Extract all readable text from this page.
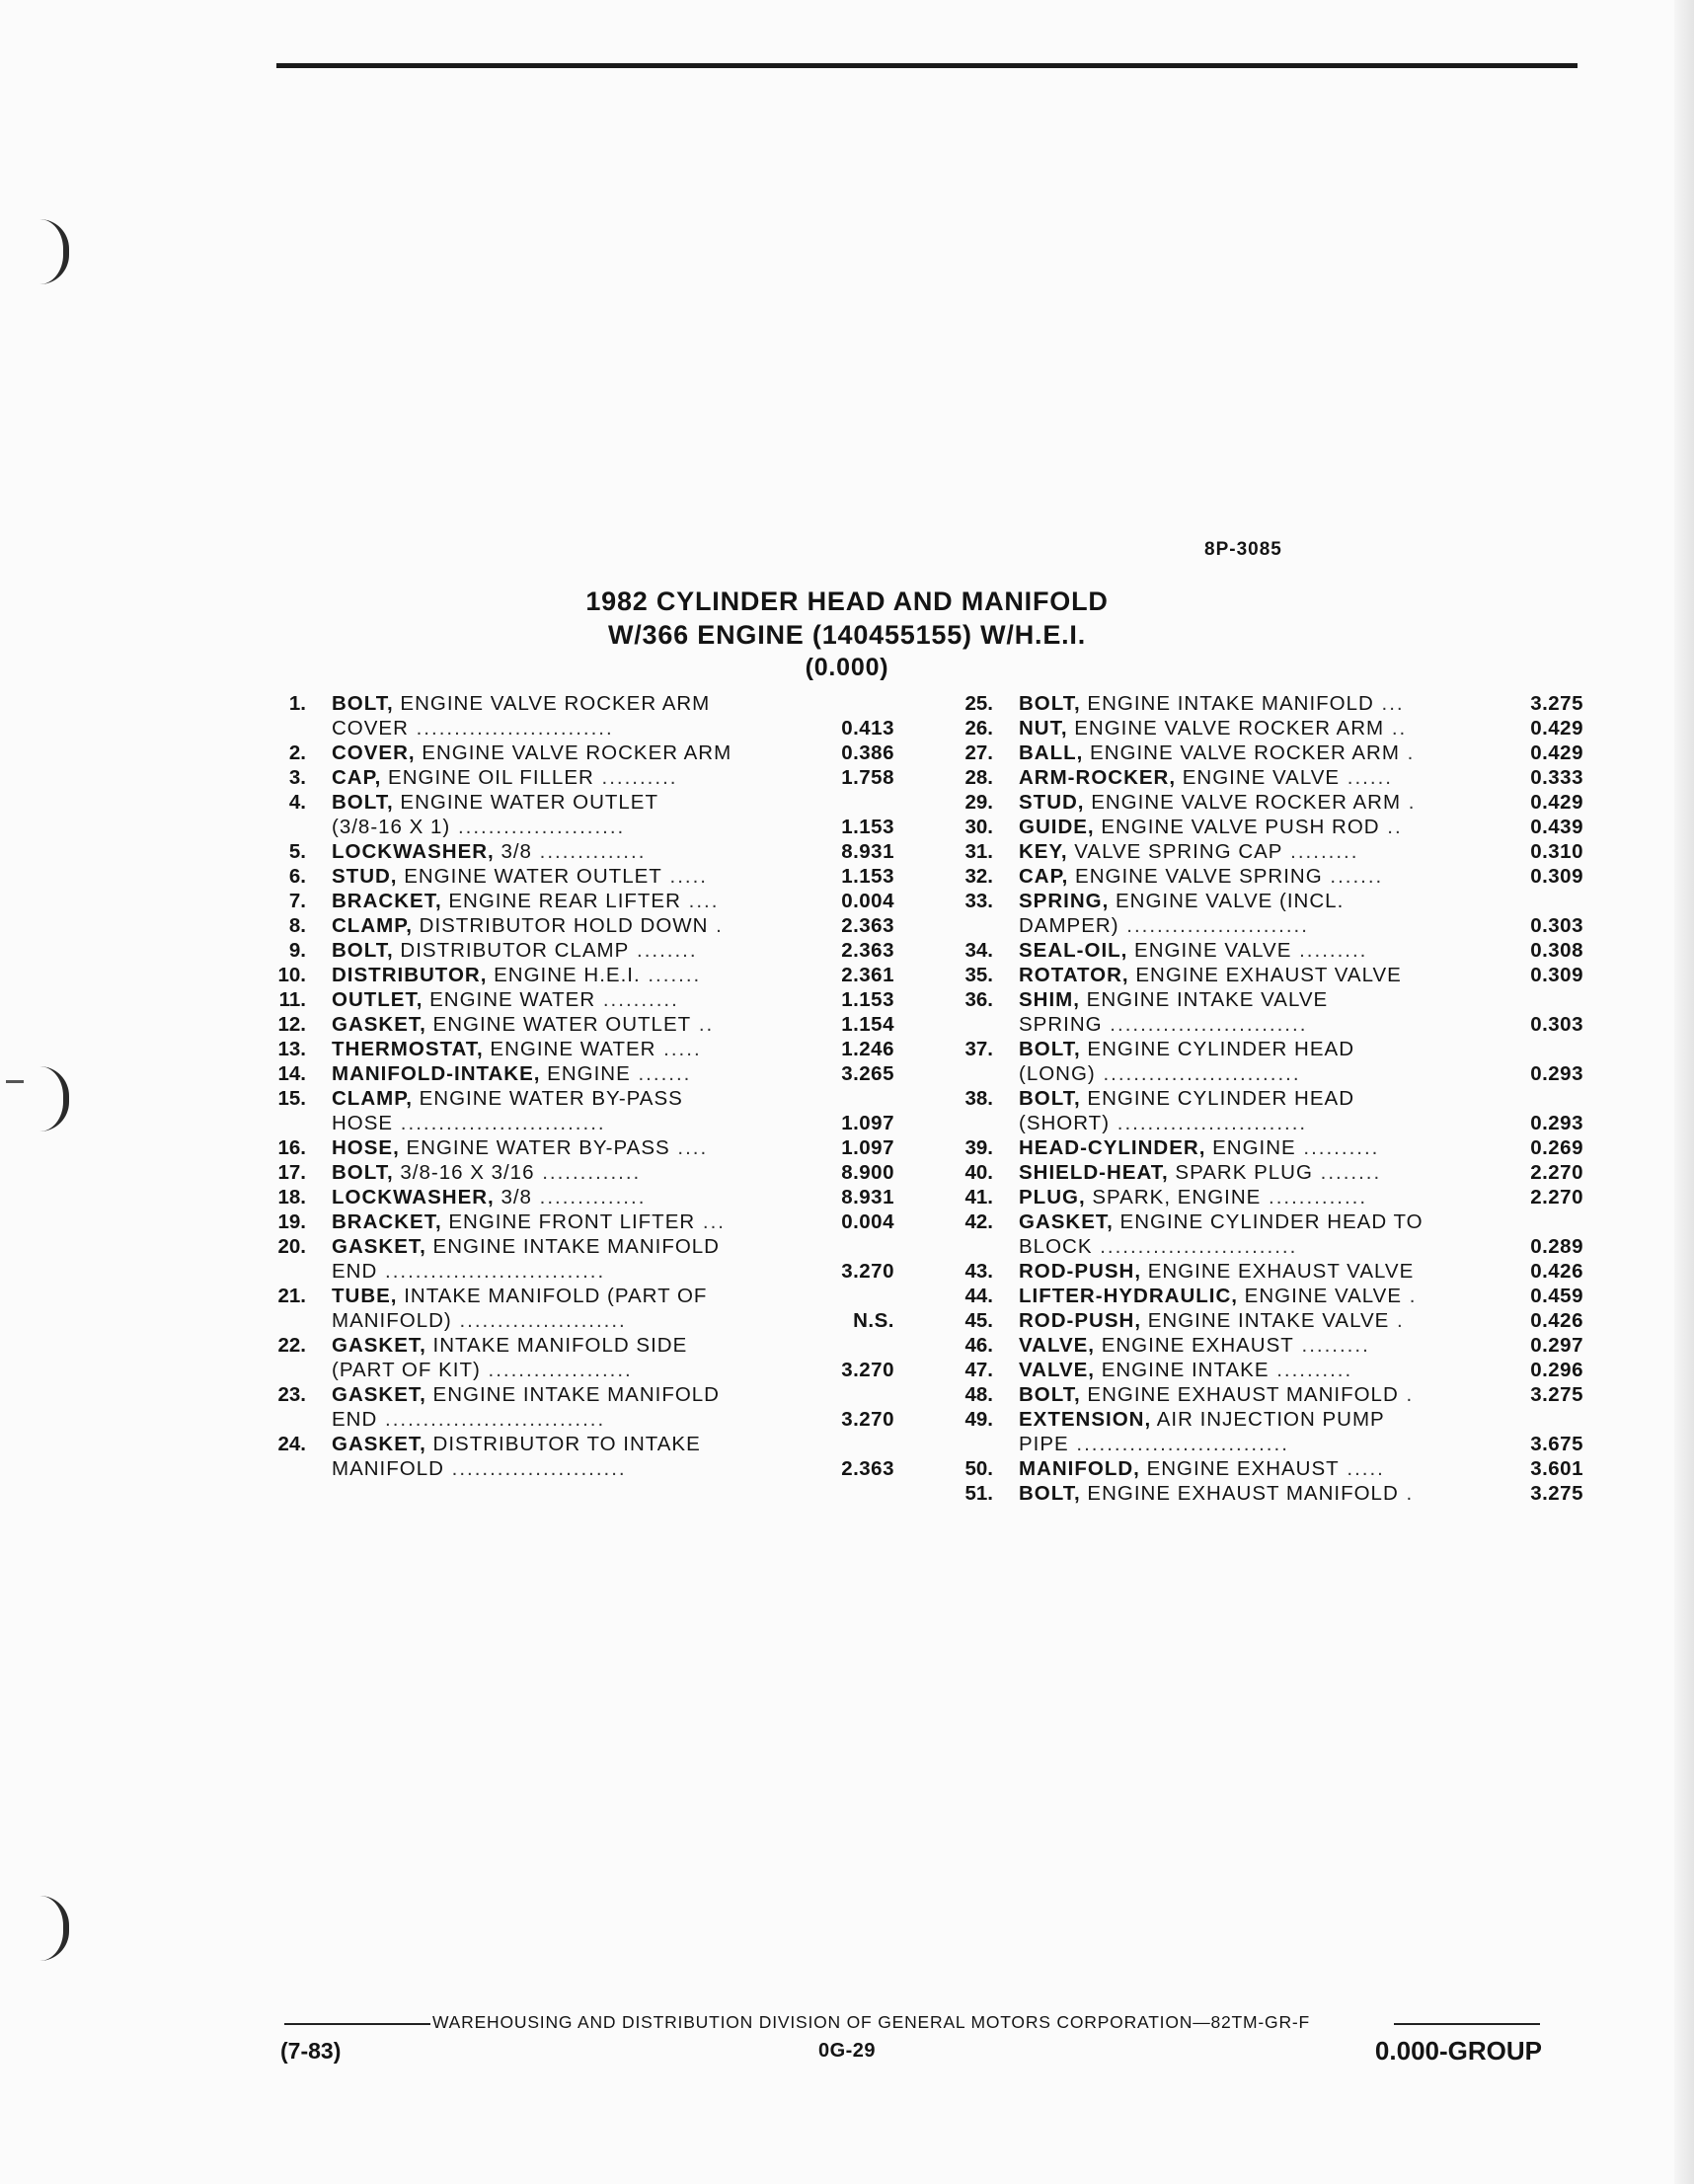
8P-3085
1982 CYLINDER HEAD AND MANIFOLD
W/366 ENGINE (140455155) W/H.E.I.
(0.000)
1. BOLT, ENGINE VALVE ROCKER ARM
COVER ..........................	0.413
2. COVER, ENGINE VALVE ROCKER ARM	0.386
3. CAP, ENGINE OIL FILLER ..........	1.758
4. BOLT, ENGINE WATER OUTLET
(3/8-16 X 1) ......................	1.153
5. LOCKWASHER, 3/8 ..............	8.931
6. STUD, ENGINE WATER OUTLET .....	1.153
7. BRACKET, ENGINE REAR LIFTER ....	0.004
8. CLAMP, DISTRIBUTOR HOLD DOWN .	2.363
9. BOLT, DISTRIBUTOR CLAMP ........	2.363
10. DISTRIBUTOR, ENGINE H.E.I. .......	2.361
11. OUTLET, ENGINE WATER ..........	1.153
12. GASKET, ENGINE WATER OUTLET ..	1.154
13. THERMOSTAT, ENGINE WATER .....	1.246
14. MANIFOLD-INTAKE, ENGINE .......	3.265
15. CLAMP, ENGINE WATER BY-PASS
HOSE ...........................	1.097
16. HOSE, ENGINE WATER BY-PASS ....	1.097
17. BOLT, 3/8-16 X 3/16 .............	8.900
18. LOCKWASHER, 3/8 ..............	8.931
19. BRACKET, ENGINE FRONT LIFTER ...	0.004
20. GASKET, ENGINE INTAKE MANIFOLD
END .............................	3.270
21. TUBE, INTAKE MANIFOLD (PART OF
MANIFOLD) ......................	N.S.
22. GASKET, INTAKE MANIFOLD SIDE
(PART OF KIT) ...................	3.270
23. GASKET, ENGINE INTAKE MANIFOLD
END .............................	3.270
24. GASKET, DISTRIBUTOR TO INTAKE
MANIFOLD .......................	2.363
25. BOLT, ENGINE INTAKE MANIFOLD ...	3.275
26. NUT, ENGINE VALVE ROCKER ARM ..	0.429
27. BALL, ENGINE VALVE ROCKER ARM .	0.429
28. ARM-ROCKER, ENGINE VALVE ......	0.333
29. STUD, ENGINE VALVE ROCKER ARM .	0.429
30. GUIDE, ENGINE VALVE PUSH ROD ..	0.439
31. KEY, VALVE SPRING CAP .........	0.310
32. CAP, ENGINE VALVE SPRING .......	0.309
33. SPRING, ENGINE VALVE (INCL.
DAMPER) ........................	0.303
34. SEAL-OIL, ENGINE VALVE .........	0.308
35. ROTATOR, ENGINE EXHAUST VALVE	0.309
36. SHIM, ENGINE INTAKE VALVE
SPRING ..........................	0.303
37. BOLT, ENGINE CYLINDER HEAD
(LONG) ..........................	0.293
38. BOLT, ENGINE CYLINDER HEAD
(SHORT) .........................	0.293
39. HEAD-CYLINDER, ENGINE ..........	0.269
40. SHIELD-HEAT, SPARK PLUG ........	2.270
41. PLUG, SPARK, ENGINE .............	2.270
42. GASKET, ENGINE CYLINDER HEAD TO
BLOCK ..........................	0.289
43. ROD-PUSH, ENGINE EXHAUST VALVE	0.426
44. LIFTER-HYDRAULIC, ENGINE VALVE .	0.459
45. ROD-PUSH, ENGINE INTAKE VALVE .	0.426
46. VALVE, ENGINE EXHAUST .........	0.297
47. VALVE, ENGINE INTAKE ..........	0.296
48. BOLT, ENGINE EXHAUST MANIFOLD .	3.275
49. EXTENSION, AIR INJECTION PUMP
PIPE ............................	3.675
50. MANIFOLD, ENGINE EXHAUST .....	3.601
51. BOLT, ENGINE EXHAUST MANIFOLD .	3.275
WAREHOUSING AND DISTRIBUTION DIVISION OF GENERAL MOTORS CORPORATION—82TM-GR-F
(7-83)	0G-29	0.000-GROUP
